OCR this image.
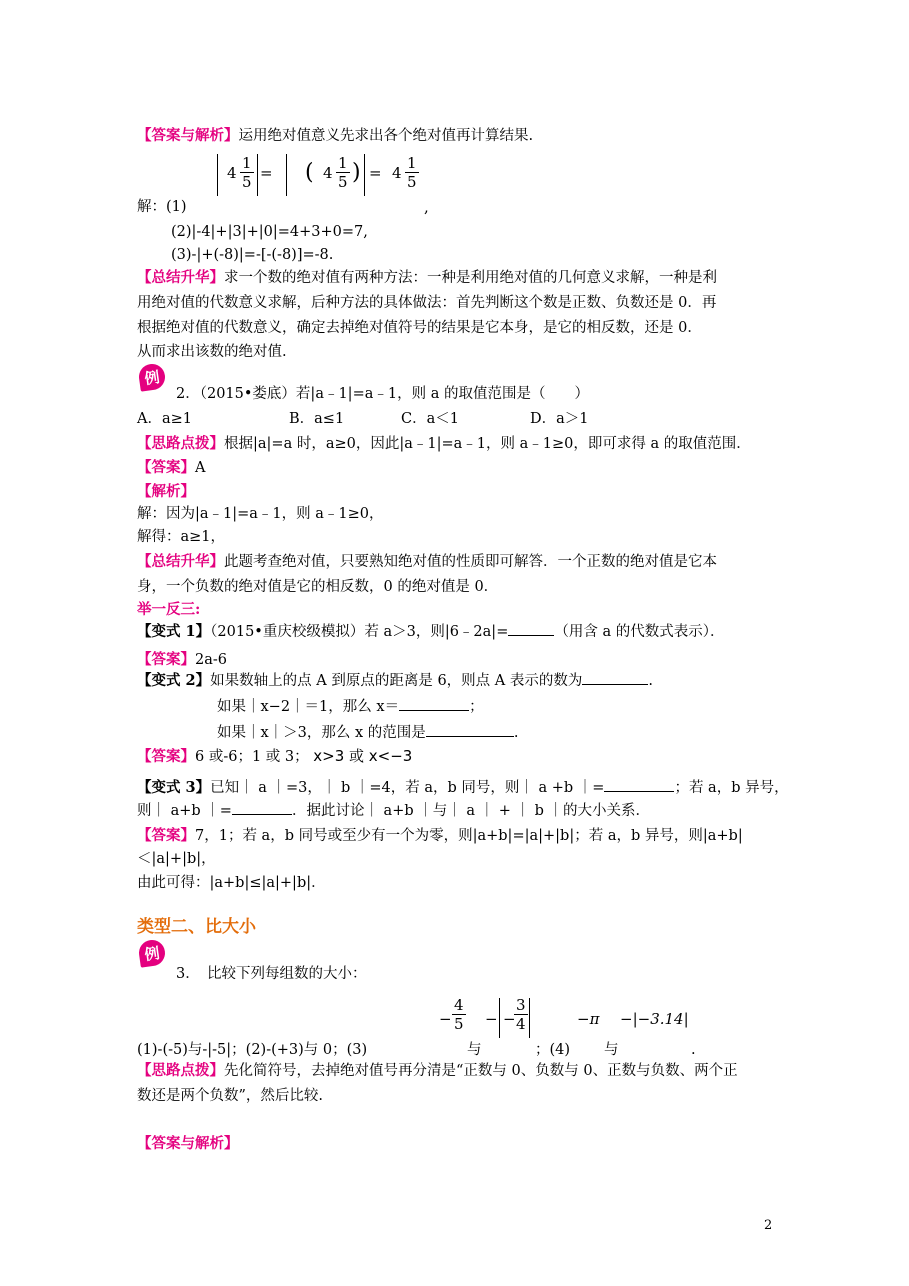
【答案与解析】运用绝对值意义先求出各个绝对值再计算结果.
$4 \frac{1}{5}$ = ( $4 \frac{1}{5}$ ) = $4 \frac{1}{5}$
,
解：(1)
(2)|-4|+|3|+|0|=4+3+0=7,
(3)-|+(-8)|=-[-(-8)]=-8.
【总结升华】求一个数的绝对值有两种方法：一种是利用绝对值的几何意义求解，一种是利
用绝对值的代数意义求解，后种方法的具体做法：首先判断这个数是正数、负数还是 0．再
根据绝对值的代数意义，确定去掉绝对值符号的结果是它本身，是它的相反数，还是 0．
从而求出该数的绝对值.
例
2．（2015•娄底）若|a﹣1|=a﹣1，则 a 的取值范围是（　　）
A．a≥1	B．a≤1	C．a＜1	D．a＞1
【思路点拨】根据|a|=a 时，a≥0，因此|a﹣1|=a﹣1，则 a﹣1≥0，即可求得 a 的取值范围．
【答案】A
【解析】
解：因为|a﹣1|=a﹣1，则 a﹣1≥0，
解得：a≥1，
【总结升华】此题考查绝对值，只要熟知绝对值的性质即可解答．一个正数的绝对值是它本
身，一个负数的绝对值是它的相反数，0 的绝对值是 0．
举一反三:
【变式 1】（2015•重庆校级模拟）若 a＞3，则|6﹣2a|=	（用含 a 的代数式表示）．
【答案】2a-6
【变式 2】如果数轴上的点 A 到原点的距离是 6，则点 A 表示的数为	.
如果｜x−2｜＝1，那么 x＝	；
如果｜x｜＞3，那么 x 的范围是	.
【答案】6 或-6；1 或 3； x>3 或 x<−3
【变式 3】已知｜ a ｜=3，｜ b ｜=4，若 a，b 同号，则｜ a +b ｜=	；若 a，b 异号，
则｜ a+b ｜=	．据此讨论｜ a+b ｜与｜ a ｜ + ｜ b ｜的大小关系．
【答案】7，1；若 a，b 同号或至少有一个为零，则|a+b|=|a|+|b|；若 a，b 异号，则|a+b|
＜|a|+|b|，
由此可得：|a+b|≤|a|+|b|．
类型二、比大小
例
3．　比较下列每组数的大小：
− $\frac{4}{5}$ − −
$\frac{3}{4}$	−π −|−3.14|
(1)-(-5)与-|-5|；(2)-(+3)与 0；(3)	与	；(4) 与	.
【思路点拨】先化简符号，去掉绝对值号再分清是“正数与 0、负数与 0、正数与负数、两个正
数还是两个负数”，然后比较.
【答案与解析】
2
